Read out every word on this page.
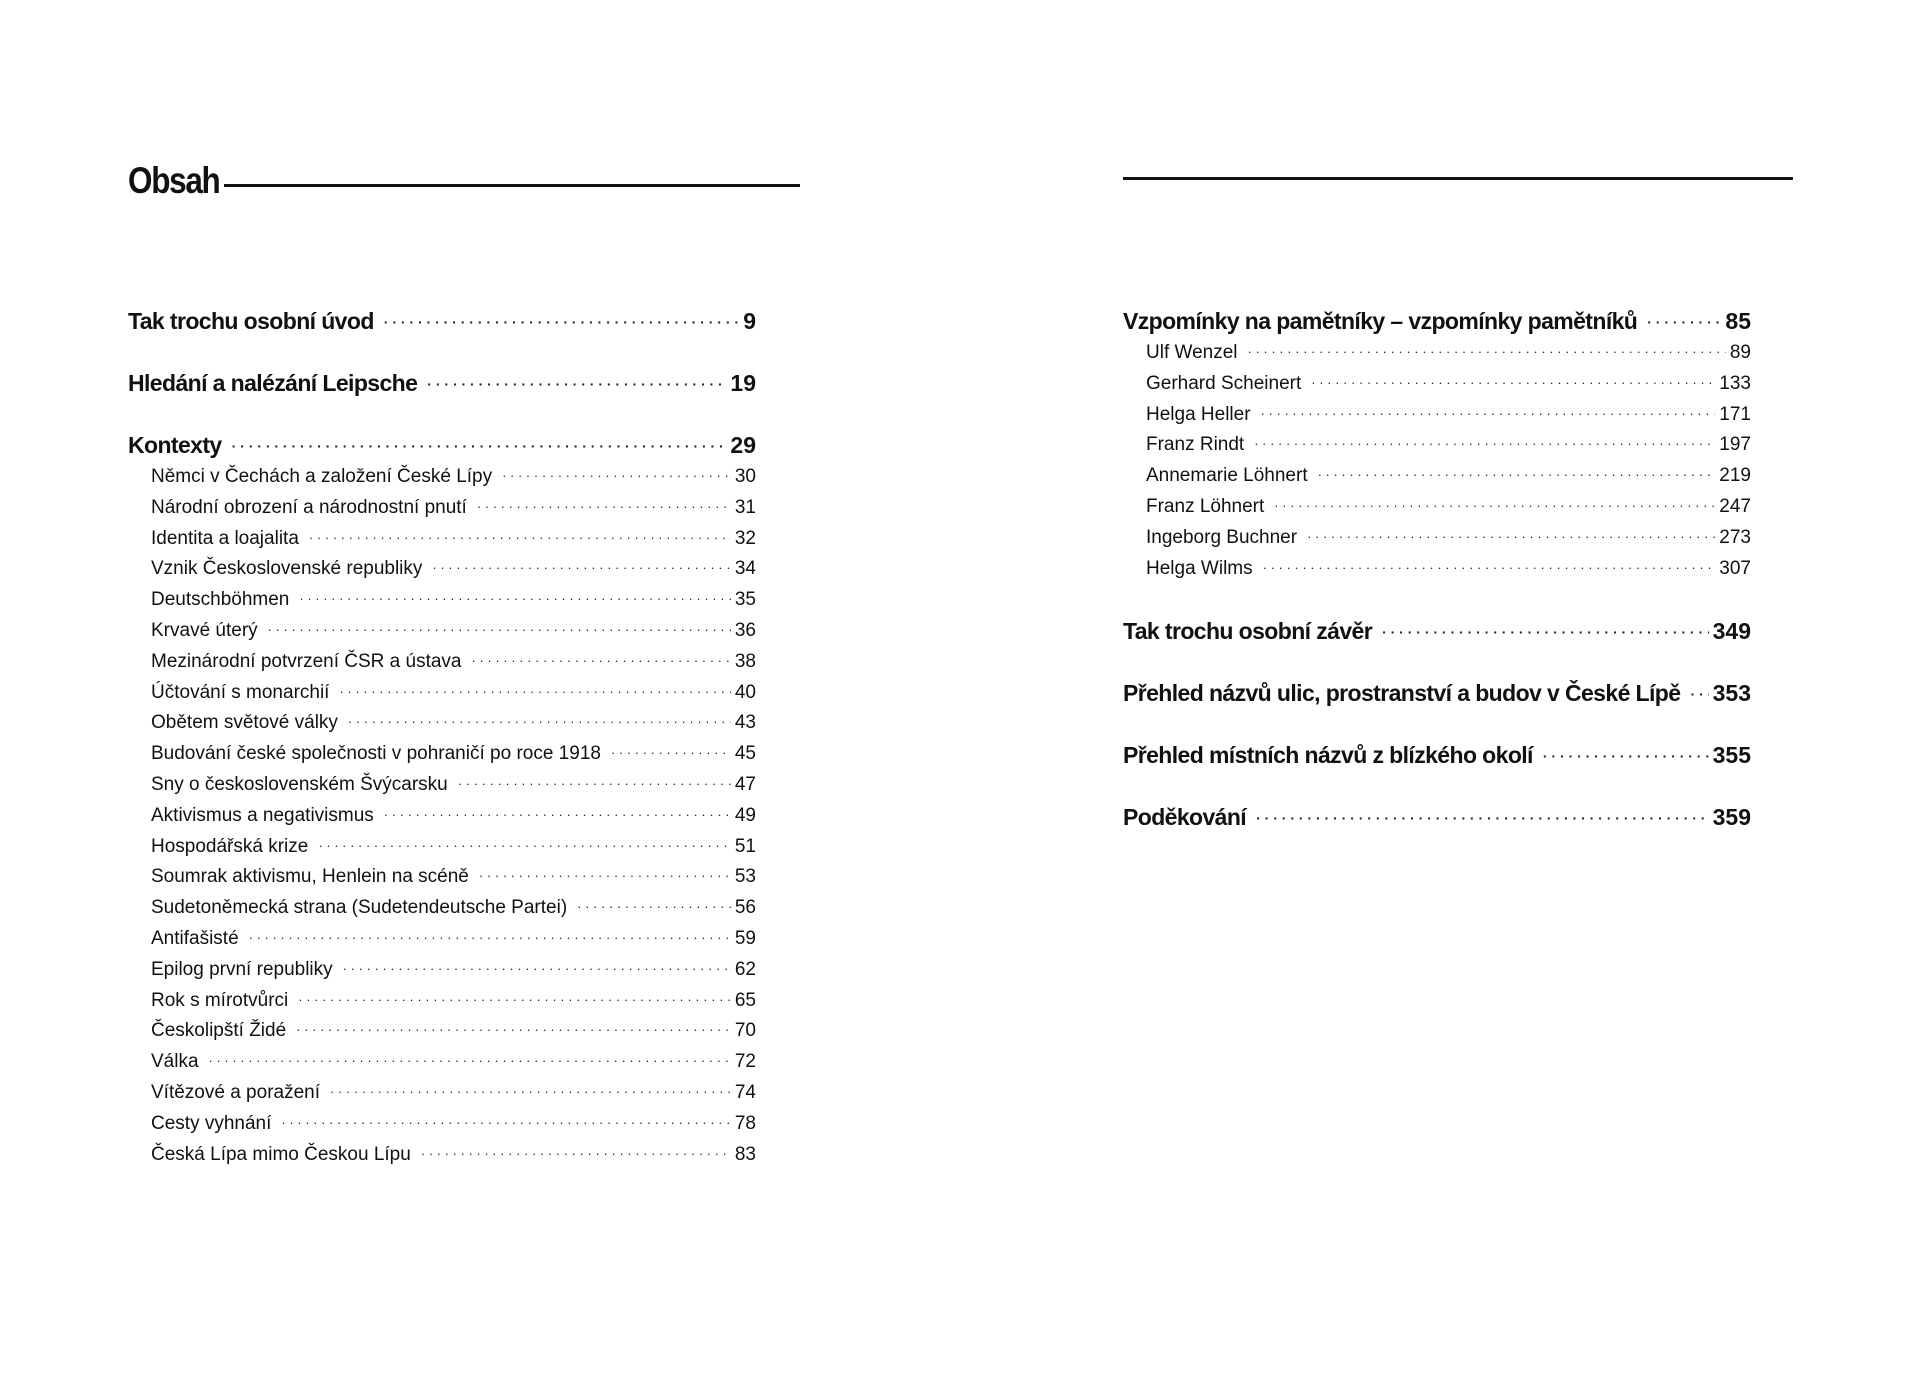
Obsah
Tak trochu osobní úvod · · ·	9
Hledání a nalézání Leipsche · · ·	19
Kontexty · · ·	29
Němci v Čechách a založení České Lípy · · ·	30
Národní obrození a národnostní pnutí · · ·	31
Identita a loajalita · · ·	32
Vznik Československé republiky · · ·	34
Deutschböhmen · · ·	35
Krvavé úterý · · ·	36
Mezinárodní potvrzení ČSR a ústava · · ·	38
Účtování s monarchií · · ·	40
Obětem světové války · · ·	43
Budování české společnosti v pohraničí po roce 1918 · · ·	45
Sny o československém Švýcarsku · · ·	47
Aktivismus a negativismus · · ·	49
Hospodářská krize · · ·	51
Soumrak aktivismu, Henlein na scéně · · ·	53
Sudetoněmecká strana (Sudetendeutsche Partei) · · ·	56
Antifašisté · · ·	59
Epilog první republiky · · ·	62
Rok s mírotvůrci · · ·	65
Českolipští Židé · · ·	70
Válka · · ·	72
Vítězové a poražení · · ·	74
Cesty vyhnání · · ·	78
Česká Lípa mimo Českou Lípu · · ·	83
Vzpomínky na pamětníky – vzpomínky pamětníků · · ·	85
Ulf Wenzel · · ·	89
Gerhard Scheinert · · ·	133
Helga Heller · · ·	171
Franz Rindt · · ·	197
Annemarie Löhnert · · ·	219
Franz Löhnert · · ·	247
Ingeborg Buchner · · ·	273
Helga Wilms · · ·	307
Tak trochu osobní závěr · · ·	349
Přehled názvů ulic, prostranství a budov v České Lípě · · · 353
Přehled místních názvů z blízkého okolí · · ·	355
Poděkování · · ·	359
